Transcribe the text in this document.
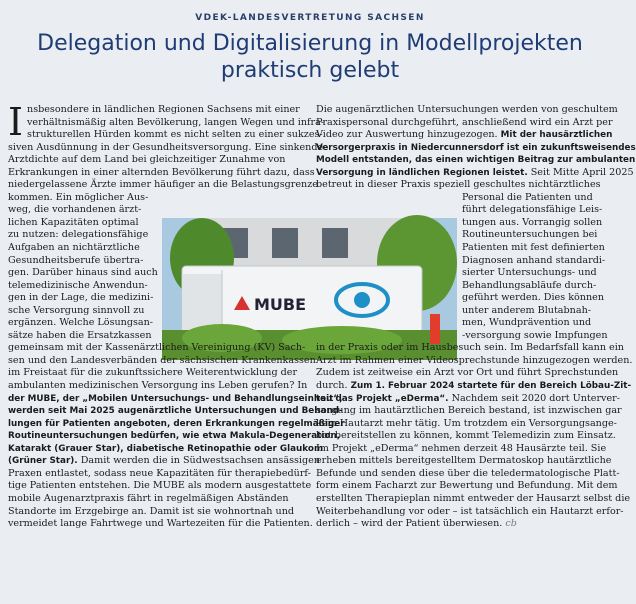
VDEK-LANDESVERTRETUNG SACHSEN
Delegation und Digitalisierung in Modellprojekten
praktisch gelebt
MUBE
I nsbesondere in ländlichen Regionen Sachsens mit einer
verhältnismäßig alten Bevölkerung, langen Wegen und infra-
strukturellen Hürden kommt es nicht selten zu einer sukzes-
siven Ausdünnung in der Gesundheitsversorgung. Eine sinkende
Arztdichte auf dem Land bei gleichzeitiger Zunahme von
Erkrankungen in einer alternden Bevölkerung führt dazu, dass
niedergelassene Ärzte immer häufiger an die Belastungsgrenze
kommen. Ein möglicher Aus-
weg, die vorhandenen ärzt-
lichen Kapazitäten optimal
zu nutzen: delegationsfähige
Aufgaben an nichtärztliche
Gesundheitsberufe übertra-
gen. Darüber hinaus sind auch
telemedizinische Anwendun-
gen in der Lage, die medizini-
sche Versorgung sinnvoll zu
ergänzen. Welche Lösungsan-
sätze haben die Ersatzkassen
gemeinsam mit der Kassenärztlichen Vereinigung (KV) Sach-
sen und den Landesverbänden der sächsischen Krankenkassen
im Freistaat für die zukunftssichere Weiterentwicklung der
ambulanten medizinischen Versorgung ins Leben gerufen? In
der MUBE, der „Mobilen Untersuchungs- und Behandlungseinheit“,
werden seit Mai 2025 augenärztliche Untersuchungen und Behand-
lungen für Patienten angeboten, deren Erkrankungen regelmäßiger
Routineuntersuchungen bedürfen, wie etwa Makula-Degeneration,
Katarakt (Grauer Star), diabetische Retinopathie oder Glaukom
(Grüner Star). Damit werden die in Südwestsachsen ansässigen
Praxen entlastet, sodass neue Kapazitäten für therapiebedürf-
tige Patienten entstehen. Die MUBE als modern ausgestattete
mobile Augenarztpraxis fährt in regelmäßigen Abständen
Standorte im Erzgebirge an. Damit ist sie wohnortnah und
vermeidet lange Fahrtwege und Wartezeiten für die Patienten.
Die augenärztlichen Untersuchungen werden von geschultem
Praxispersonal durchgeführt, anschließend wird ein Arzt per
Video zur Auswertung hinzugezogen. Mit der hausärztlichen
Versorgerpraxis in Niedercunnersdorf ist ein zukunftsweisendes
Modell entstanden, das einen wichtigen Beitrag zur ambulanten
Versorgung in ländlichen Regionen leistet. Seit Mitte April 2025
betreut in dieser Praxis speziell geschultes nichtärztliches
Personal die Patienten und
führt delegationsfähige Leis-
tungen aus. Vorrangig sollen
Routineuntersuchungen bei
Patienten mit fest definierten
Diagnosen anhand standardi-
sierter Untersuchungs- und
Behandlungsabläufe durch-
geführt werden. Dies können
unter anderem Blutabnah-
men, Wundprävention und
-versorgung sowie Impfungen
in der Praxis oder im Hausbesuch sein. Im Bedarfsfall kann ein
Arzt im Rahmen einer Videosprechstunde hinzugezogen werden.
Zudem ist zeitweise ein Arzt vor Ort und führt Sprechstunden
durch. Zum 1. Februar 2024 startete für den Bereich Löbau-Zit-
tau das Projekt „eDerma“. Nachdem seit 2020 dort Unterver-
sorgung im hautärztlichen Bereich bestand, ist inzwischen gar
kein Hautarzt mehr tätig. Um trotzdem ein Versorgungsange-
bot bereitstellen zu können, kommt Telemedizin zum Einsatz.
Im Projekt „eDerma“ nehmen derzeit 48 Hausärzte teil. Sie
erheben mittels bereitgestelltem Dermatoskop hautärztliche
Befunde und senden diese über die teledermatologische Platt-
form einem Facharzt zur Bewertung und Befundung. Mit dem
erstellten Therapieplan nimmt entweder der Hausarzt selbst die
Weiterbehandlung vor oder – ist tatsächlich ein Hautarzt erfor-
derlich – wird der Patient überwiesen. cb
